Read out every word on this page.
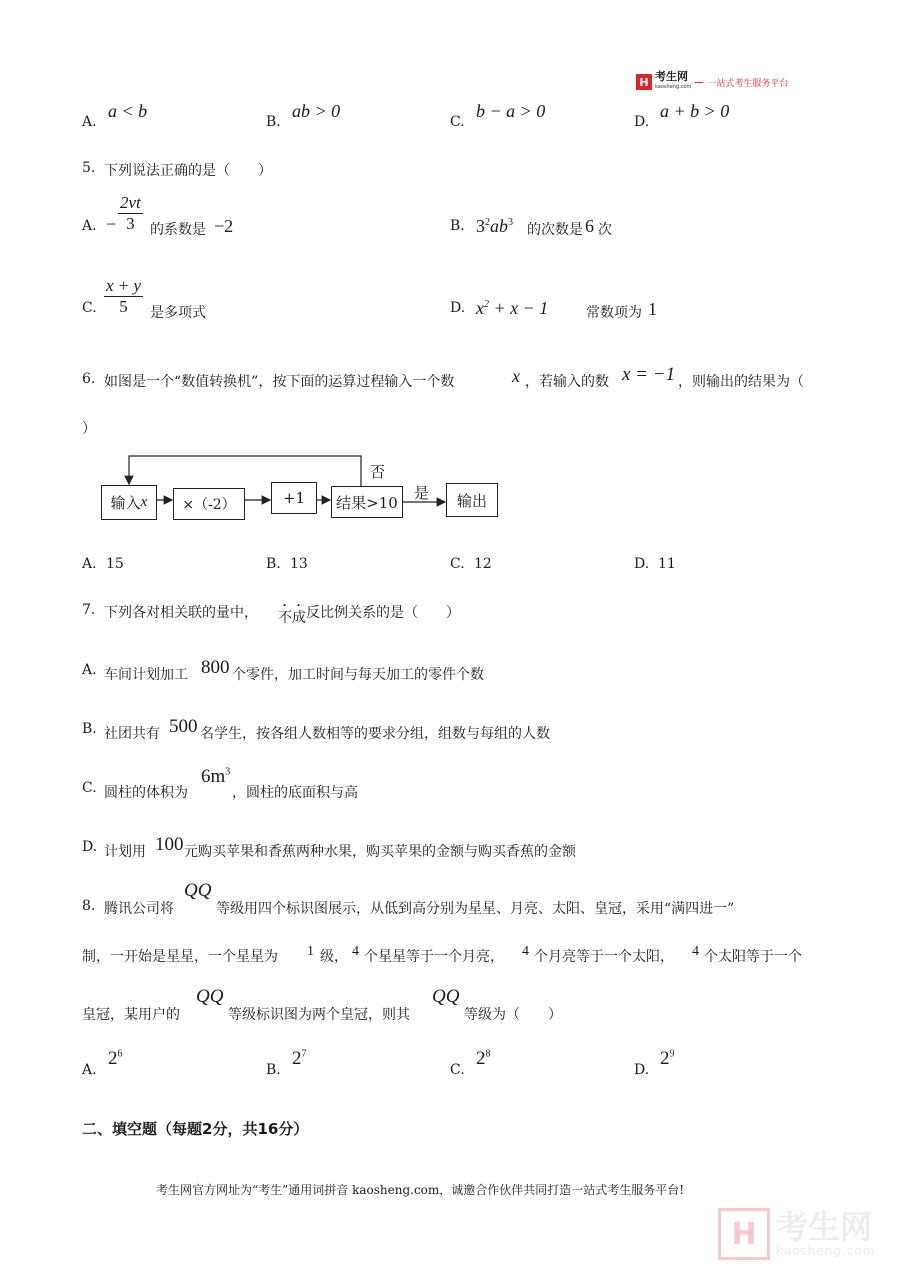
H 考生网
kaosheng.com 一站式考生服务平台
A.
a < b
B.
ab > 0
C.
b − a > 0
D.
a + b > 0
5. 下列说法正确的是（　　）
A. −
2vt
3	的系数是 −2	B. $3^2ab^3$ 的次数是 6 次
C.
x + y
5	是多项式	D. $x^2 + x - 1$	常数项为 1
6. 如图是一个“数值转换机”，按下面的运算过程输入一个数	x ，若输入的数 x = −1 ，则输出的结果为（
）
输入 x	×（-2）	+1	结果>10	输出
否
是
A. 15	B. 13	C. 12	D. 11
7. 下列各对相关联的量中， 不成 反比例关系的是（　　）
A. 车间计划加工 800 个零件，加工时间与每天加工的零件个数
B. 社团共有 500 名学生，按各组人数相等的要求分组，组数与每组的人数
C. 圆柱的体积为
$6m^3$
，圆柱的底面积与高
D. 计划用 100 元购买苹果和香蕉两种水果，购买苹果的金额与购买香蕉的金额
8. 腾讯公司将
QQ
等级用四个标识图展示，从低到高分别为星星、月亮、太阳、皇冠，采用“满四进一”
制，一开始是星星，一个星星为 1 级， 4 个星星等于一个月亮， 4 个月亮等于一个太阳， 4 个太阳等于一个
皇冠，某用户的
QQ
等级标识图为两个皇冠，则其
QQ
等级为（　　）
A.
$2^6$
B.
$2^7$
C.
$2^8$
D.
$2^9$
二、填空题（每题2分，共16分）
考生网官方网址为“考生”通用词拼音 kaosheng.com，诚邀合作伙伴共同打造一站式考生服务平台!
H 考生网
kaosheng.com
